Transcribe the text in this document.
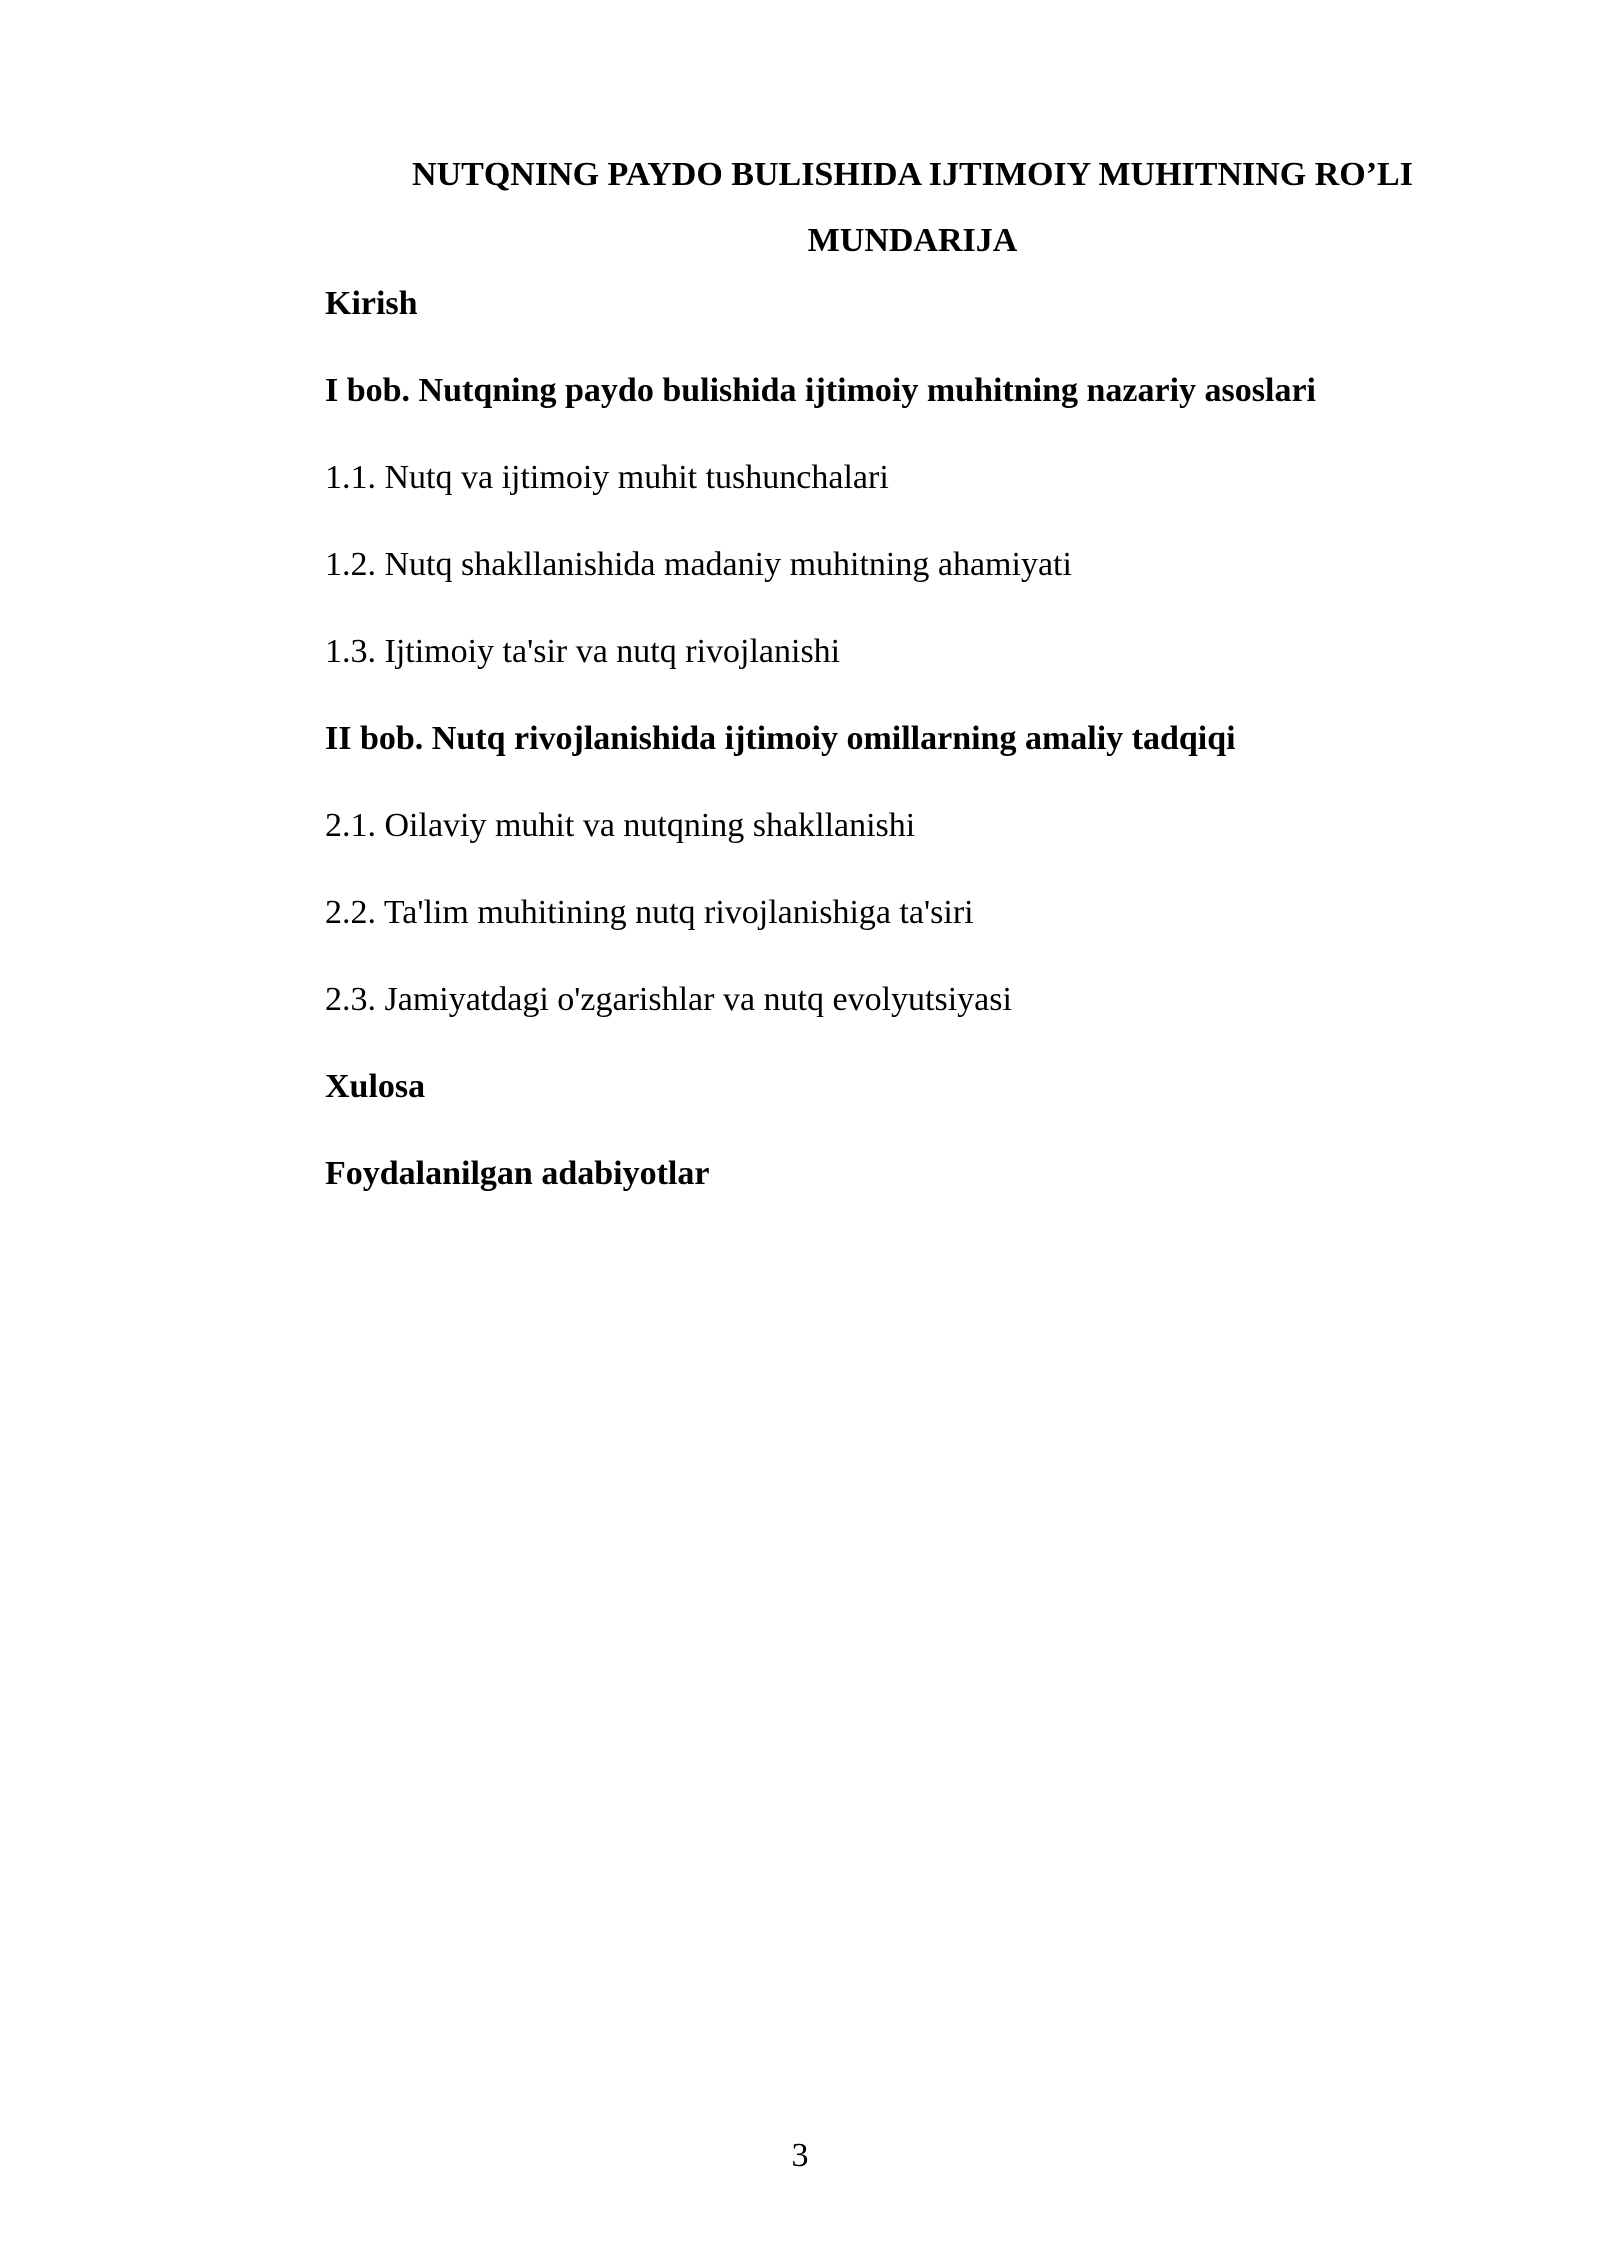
NUTQNING PAYDO BULISHIDA IJTIMOIY MUHITNING RO’LI
MUNDARIJA
Kirish
I bob. Nutqning paydo bulishida ijtimoiy muhitning nazariy asoslari
1.1. Nutq va ijtimoiy muhit tushunchalari
1.2. Nutq shakllanishida madaniy muhitning ahamiyati
1.3. Ijtimoiy ta'sir va nutq rivojlanishi
II bob. Nutq rivojlanishida ijtimoiy omillarning amaliy tadqiqi
2.1. Oilaviy muhit va nutqning shakllanishi
2.2. Ta'lim muhitining nutq rivojlanishiga ta'siri
2.3. Jamiyatdagi o'zgarishlar va nutq evolyutsiyasi
Xulosa
Foydalanilgan adabiyotlar
3
